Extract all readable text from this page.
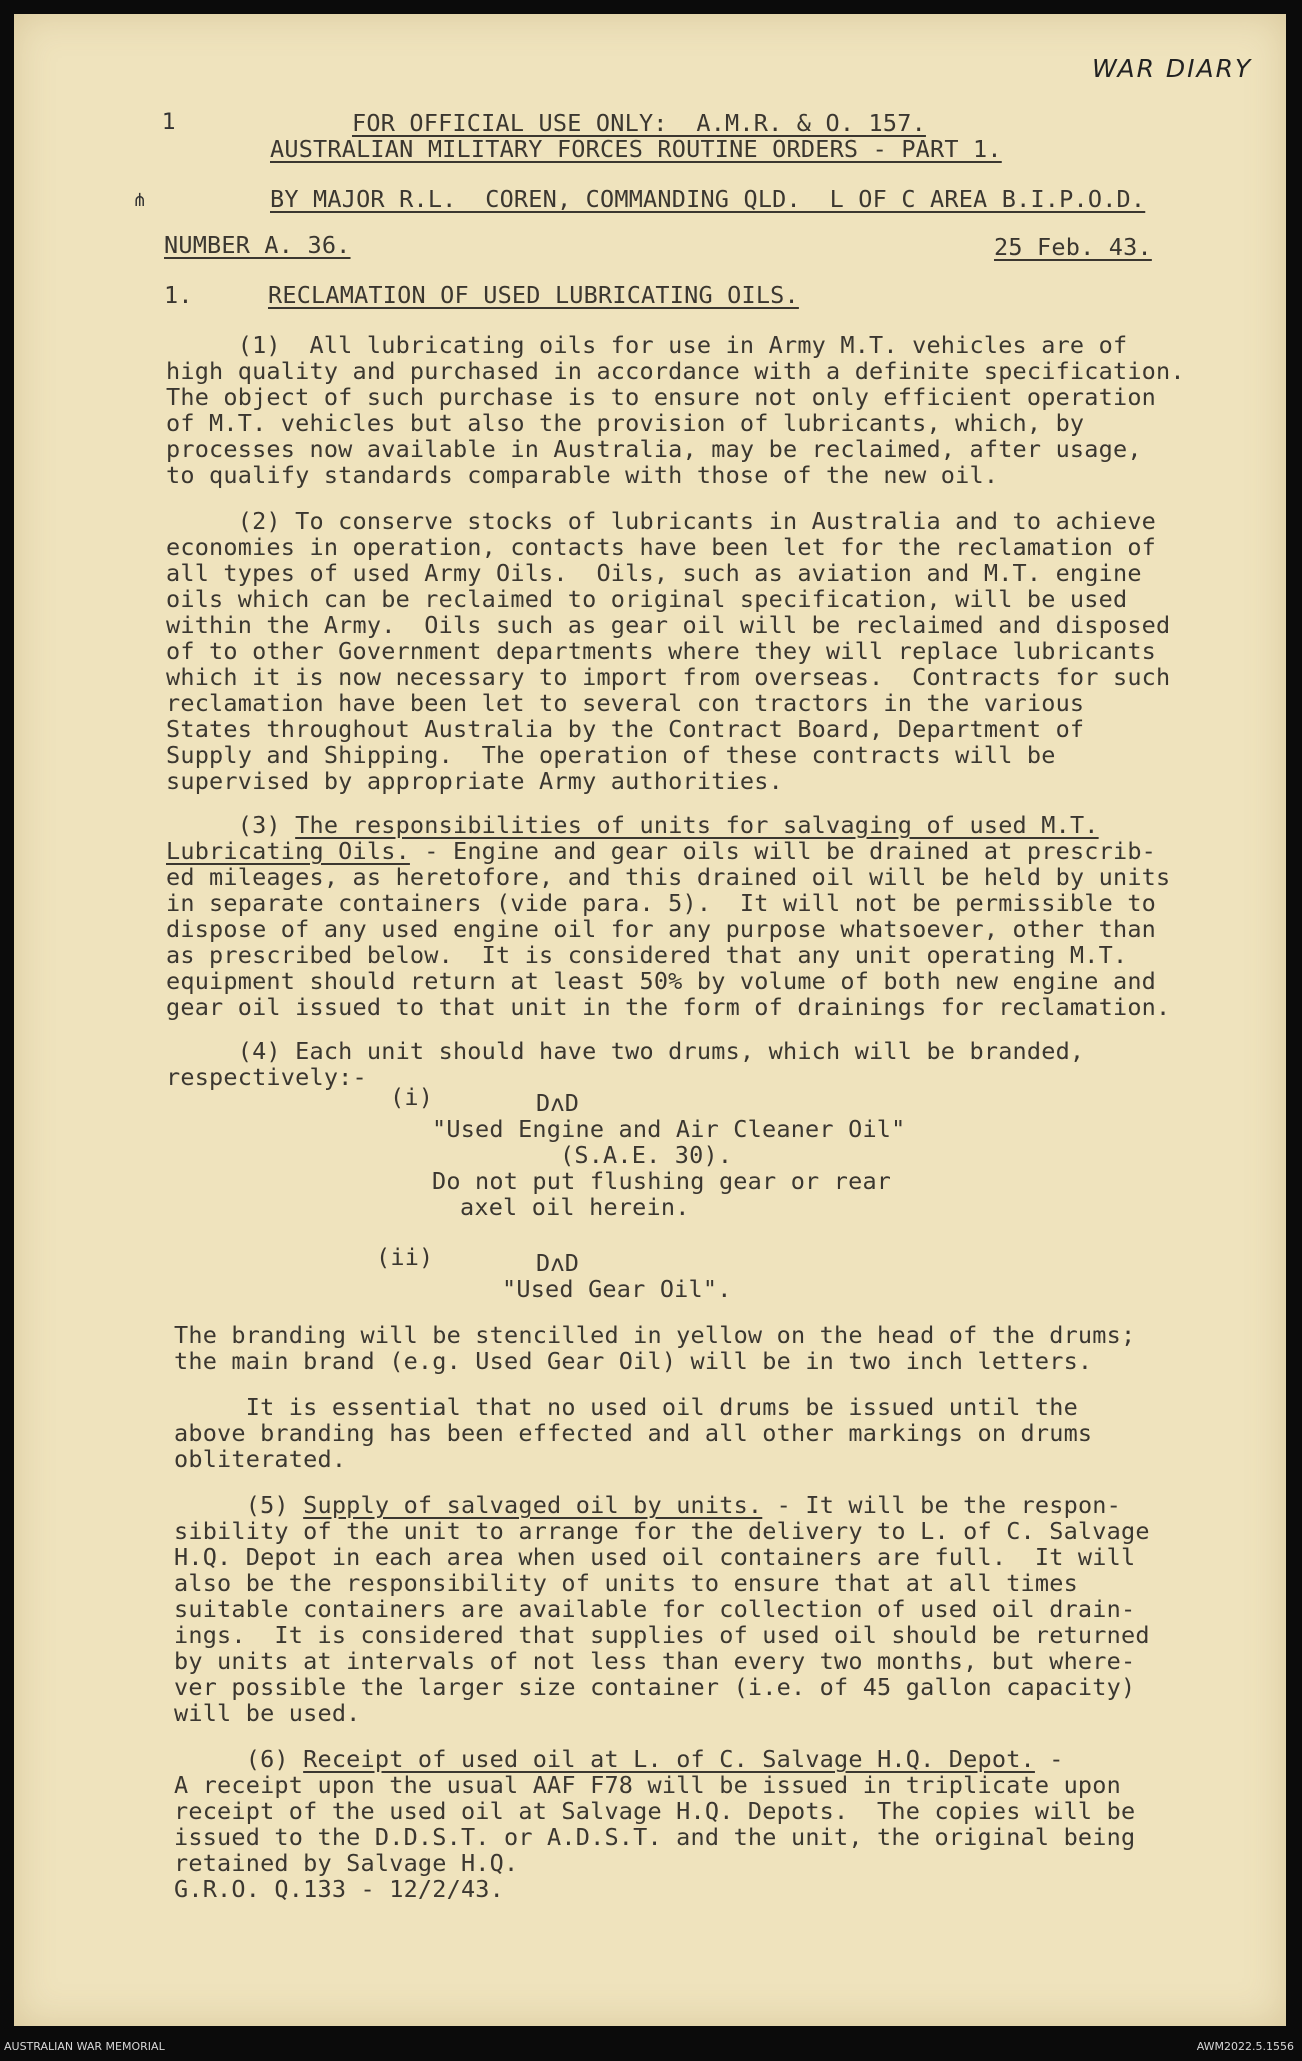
WAR DIARY
1
⋔
FOR OFFICIAL USE ONLY:  A.M.R. & O. 157.
AUSTRALIAN MILITARY FORCES ROUTINE ORDERS - PART 1.
BY MAJOR R.L.  COREN, COMMANDING QLD.  L OF C AREA B.I.P.O.D.
NUMBER A. 36.	25 Feb. 43.
1.	RECLAMATION OF USED LUBRICATING OILS.
(1)  All lubricating oils for use in Army M.T. vehicles are of
high quality and purchased in accordance with a definite specification.
The object of such purchase is to ensure not only efficient operation
of M.T. vehicles but also the provision of lubricants, which, by
processes now available in Australia, may be reclaimed, after usage,
to qualify standards comparable with those of the new oil.
(2) To conserve stocks of lubricants in Australia and to achieve
economies in operation, contacts have been let for the reclamation of
all types of used Army Oils.  Oils, such as aviation and M.T. engine
oils which can be reclaimed to original specification, will be used
within the Army.  Oils such as gear oil will be reclaimed and disposed
of to other Government departments where they will replace lubricants
which it is now necessary to import from overseas.  Contracts for such
reclamation have been let to several con tractors in the various
States throughout Australia by the Contract Board, Department of
Supply and Shipping.  The operation of these contracts will be
supervised by appropriate Army authorities.
(3) The responsibilities of units for salvaging of used M.T.
Lubricating Oils. - Engine and gear oils will be drained at prescrib-
ed mileages, as heretofore, and this drained oil will be held by units
in separate containers (vide para. 5).  It will not be permissible to
dispose of any used engine oil for any purpose whatsoever, other than
as prescribed below.  It is considered that any unit operating M.T.
equipment should return at least 50% by volume of both new engine and
gear oil issued to that unit in the form of drainings for reclamation.
(4) Each unit should have two drums, which will be branded,
respectively:-
(i)	DʌD
"Used Engine and Air Cleaner Oil"
(S.A.E. 30).
Do not put flushing gear or rear
axel oil herein.
(ii)	DʌD
"Used Gear Oil".
The branding will be stencilled in yellow on the head of the drums;
the main brand (e.g. Used Gear Oil) will be in two inch letters.
It is essential that no used oil drums be issued until the
above branding has been effected and all other markings on drums
obliterated.
(5) Supply of salvaged oil by units. - It will be the respon-
sibility of the unit to arrange for the delivery to L. of C. Salvage
H.Q. Depot in each area when used oil containers are full.  It will
also be the responsibility of units to ensure that at all times
suitable containers are available for collection of used oil drain-
ings.  It is considered that supplies of used oil should be returned
by units at intervals of not less than every two months, but where-
ver possible the larger size container (i.e. of 45 gallon capacity)
will be used.
(6) Receipt of used oil at L. of C. Salvage H.Q. Depot. -
A receipt upon the usual AAF F78 will be issued in triplicate upon
receipt of the used oil at Salvage H.Q. Depots.  The copies will be
issued to the D.D.S.T. or A.D.S.T. and the unit, the original being
retained by Salvage H.Q.
G.R.O. Q.133 - 12/2/43.
AUSTRALIAN WAR MEMORIAL	AWM2022.5.1556
